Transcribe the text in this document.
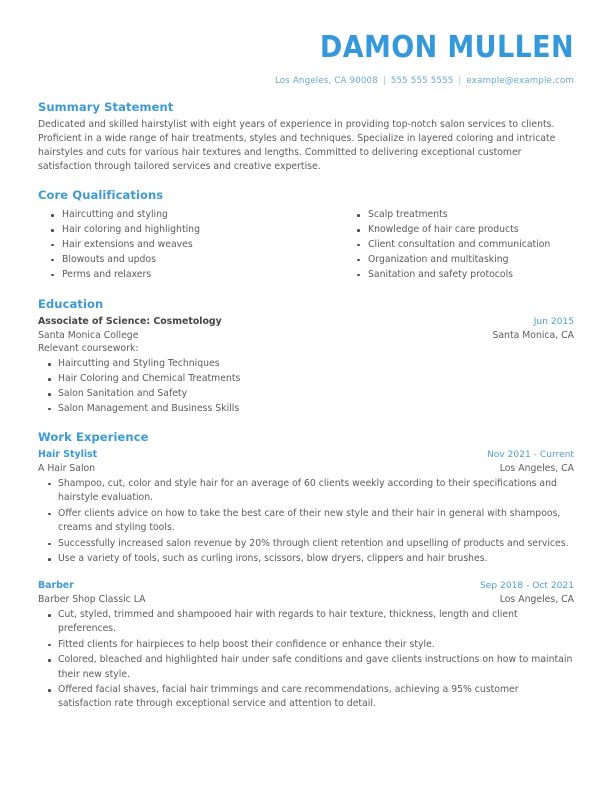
DAMON MULLEN
Los Angeles, CA 90008 | 555 555 5555 | example@example.com
Summary Statement

Dedicated and skilled hairstylist with eight years of experience in providing top-notch salon services to clients. Proficient in a wide range of hair treatments, styles and techniques. Specialize in layered coloring and intricate hairstyles and cuts for various hair textures and lengths. Committed to delivering exceptional customer satisfaction through tailored services and creative expertise.

Core Qualifications
Haircutting and styling
Hair coloring and highlighting
Hair extensions and weaves
Blowouts and updos
Perms and relaxers
Scalp treatments
Knowledge of hair care products
Client consultation and communication
Organization and multitasking
Sanitation and safety protocols
Education
Associate of Science: Cosmetology	Jun 2015
Santa Monica College	Santa Monica, CA
Relevant coursework:
Haircutting and Styling Techniques
Hair Coloring and Chemical Treatments
Salon Sanitation and Safety
Salon Management and Business Skills
Work Experience
Hair Stylist	Nov 2021 - Current
A Hair Salon	Los Angeles, CA
Shampoo, cut, color and style hair for an average of 60 clients weekly according to their specifications and hairstyle evaluation.
Offer clients advice on how to take the best care of their new style and their hair in general with shampoos, creams and styling tools.
Successfully increased salon revenue by 20% through client retention and upselling of products and services.
Use a variety of tools, such as curling irons, scissors, blow dryers, clippers and hair brushes.
Barber	Sep 2018 - Oct 2021
Barber Shop Classic LA	Los Angeles, CA
Cut, styled, trimmed and shampooed hair with regards to hair texture, thickness, length and client preferences.
Fitted clients for hairpieces to help boost their confidence or enhance their style.
Colored, bleached and highlighted hair under safe conditions and gave clients instructions on how to maintain their new style.
Offered facial shaves, facial hair trimmings and care recommendations, achieving a 95% customer satisfaction rate through exceptional service and attention to detail.
